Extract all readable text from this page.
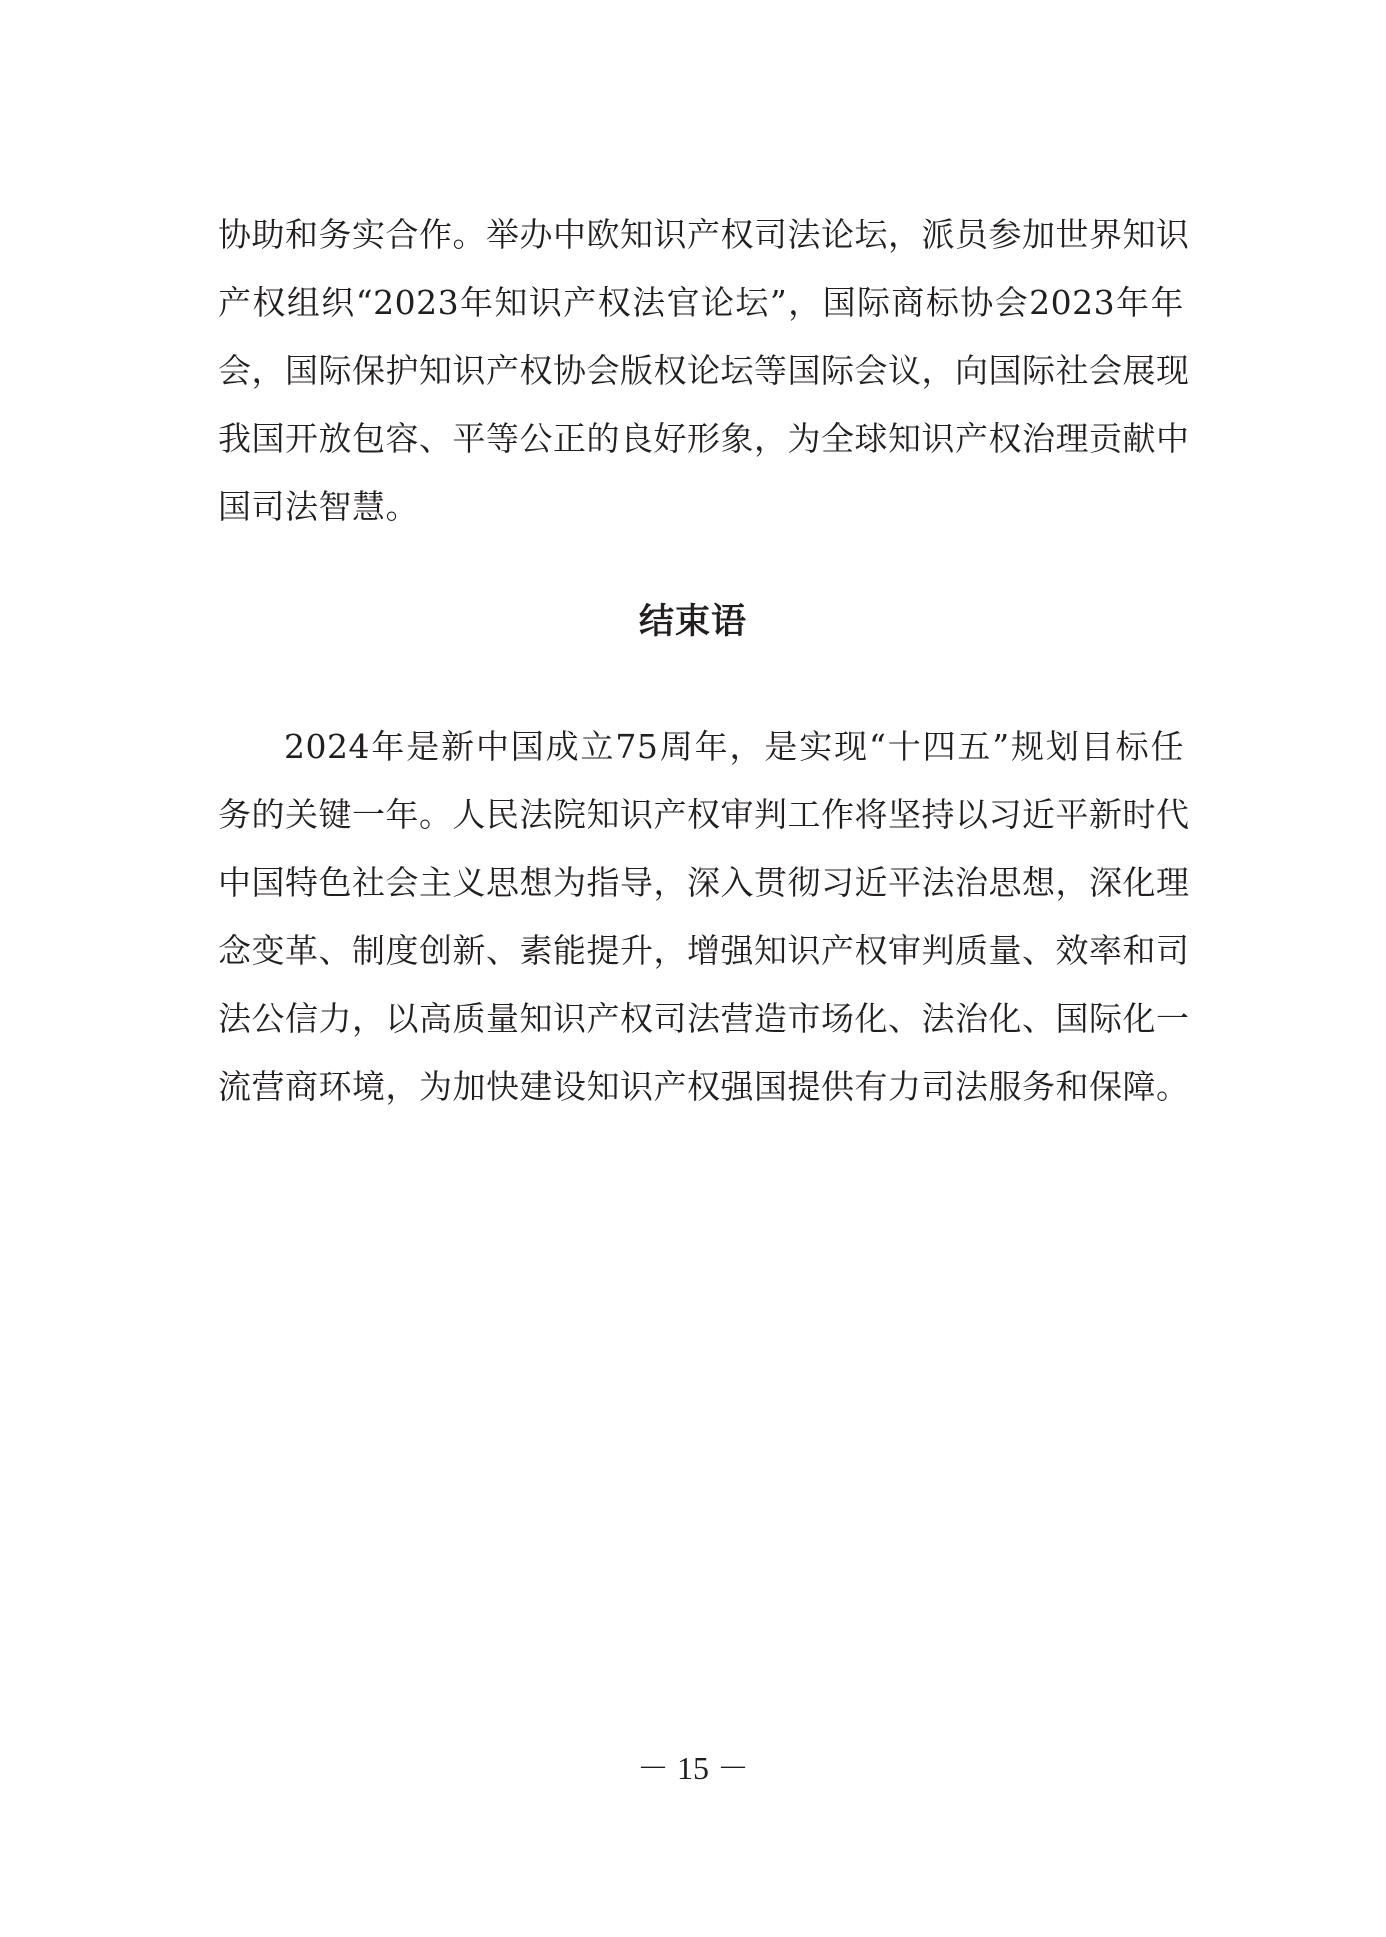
协助和务实合作。举办中欧知识产权司法论坛，派员参加世界知识
产权组织“2023年知识产权法官论坛”，国际商标协会2023年年
会，国际保护知识产权协会版权论坛等国际会议，向国际社会展现
我国开放包容、平等公正的良好形象，为全球知识产权治理贡献中
国司法智慧。
结束语
2024年是新中国成立75周年，是实现“十四五”规划目标任
务的关键一年。人民法院知识产权审判工作将坚持以习近平新时代
中国特色社会主义思想为指导，深入贯彻习近平法治思想，深化理
念变革、制度创新、素能提升，增强知识产权审判质量、效率和司
法公信力，以高质量知识产权司法营造市场化、法治化、国际化一
流营商环境，为加快建设知识产权强国提供有力司法服务和保障。
－ 15 －
